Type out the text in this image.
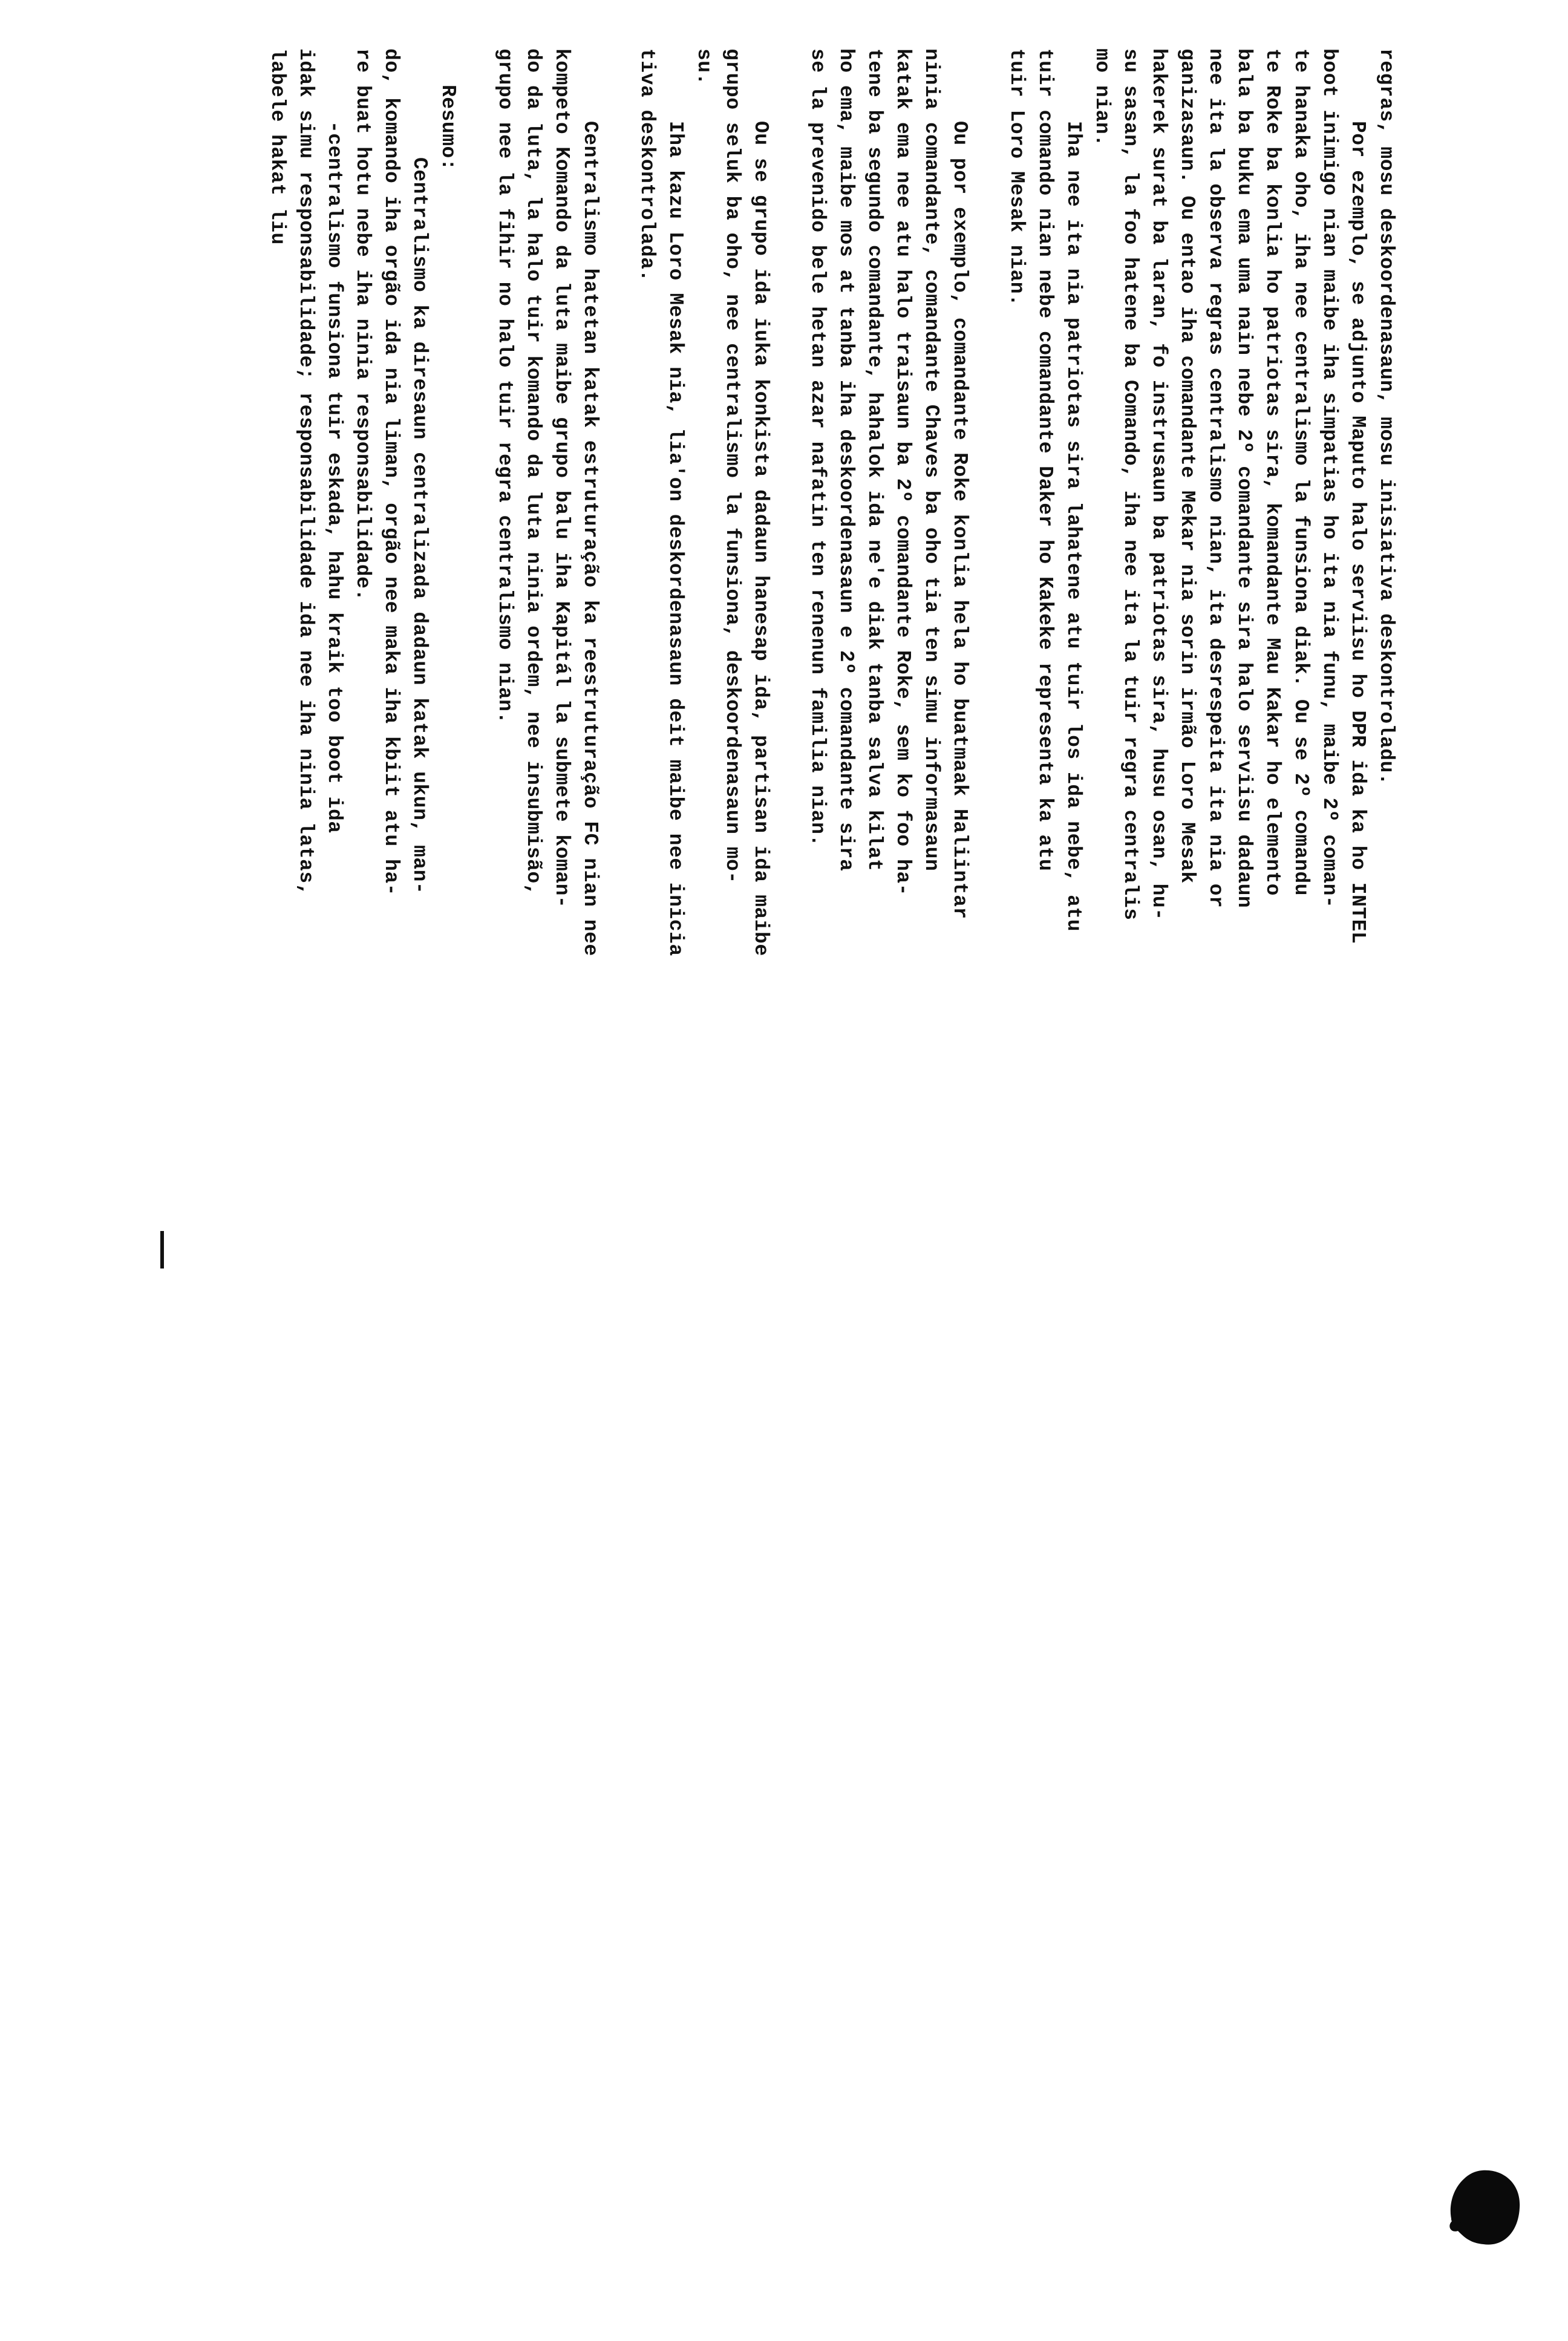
regras, mosu deskoordenasaun, mosu inisiativa deskontroladu.
Por ezemplo, se adjunto Maputo halo serviisu ho DPR ida ka ho INTEL
boot inimigo nian maibe iha simpatias ho ita nia funu, maibe 2º coman-
te hanaka oho, iha nee centralismo la funsiona diak. Ou se 2º comandu
te Roke ba konlia ho patriotas sira, komandante Mau Kakar ho elemento
bala ba buku ema uma nain nebe 2º comandante sira halo serviisu dadaun
nee ita la observa regras centralismo nian, ita desrespeita ita nia or
ganizasaun. Ou entao iha comandante Mekar nia sorin irmão Loro Mesak
hakerek surat ba laran, fo instrusaun ba patriotas sira, husu osan, hu-
su sasan, la foo hatene ba Comando, iha nee ita la tuir regra centralis
mo nian.
Iha nee ita nia patriotas sira lahatene atu tuir los ida nebe, atu
tuir comando nian nebe comandante Daker ho Kakeke representa ka atu
tuir Loro Mesak nian.
Ou por exemplo, comandante Roke konlia hela ho buatmaak Haliintar
ninia comandante, comandante Chaves ba oho tia ten simu informasaun
katak ema nee atu halo traisaun ba 2º comandante Roke, sem ko foo ha-
tene ba segundo comandante, hahalok ida ne'e diak tanba salva kilat
ho ema, maibe mos at tanba iha deskoordenasaun e 2º comandante sira
se la prevenido bele hetan azar nafatin ten renenun familia nian.
Ou se grupo ida iuka konkista dadaun hanesap ida, partisan ida maibe
grupo seluk ba oho, nee centralismo la funsiona, deskoordenasaun mo-
su.
Iha kazu Loro Mesak nia, lia'on deskordenasaun deit maibe nee inicia
tiva deskontrolada.
Centralismo hatetan katak estruturação ka reestruturação FC nian nee
kompeto Komando da luta maibe grupo balu iha Kapitál la submete koman-
do da luta, la halo tuir komando da luta ninia ordem, nee insubmisão,
grupo nee la fihir no halo tuir regra centralismo nian.
Resumo:
Centralismo ka diresaun centralizada dadaun katak ukun, man-
do, komando iha orgão ida nia liman, orgão nee maka iha kbiit atu ha-
re buat hotu nebe iha ninia responsabilidade.
-centralismo funsiona tuir eskada, hahu kraik too boot ida
idak simu responsabilidade; responsabilidade ida nee iha ninia latas,
labele hakat liu
